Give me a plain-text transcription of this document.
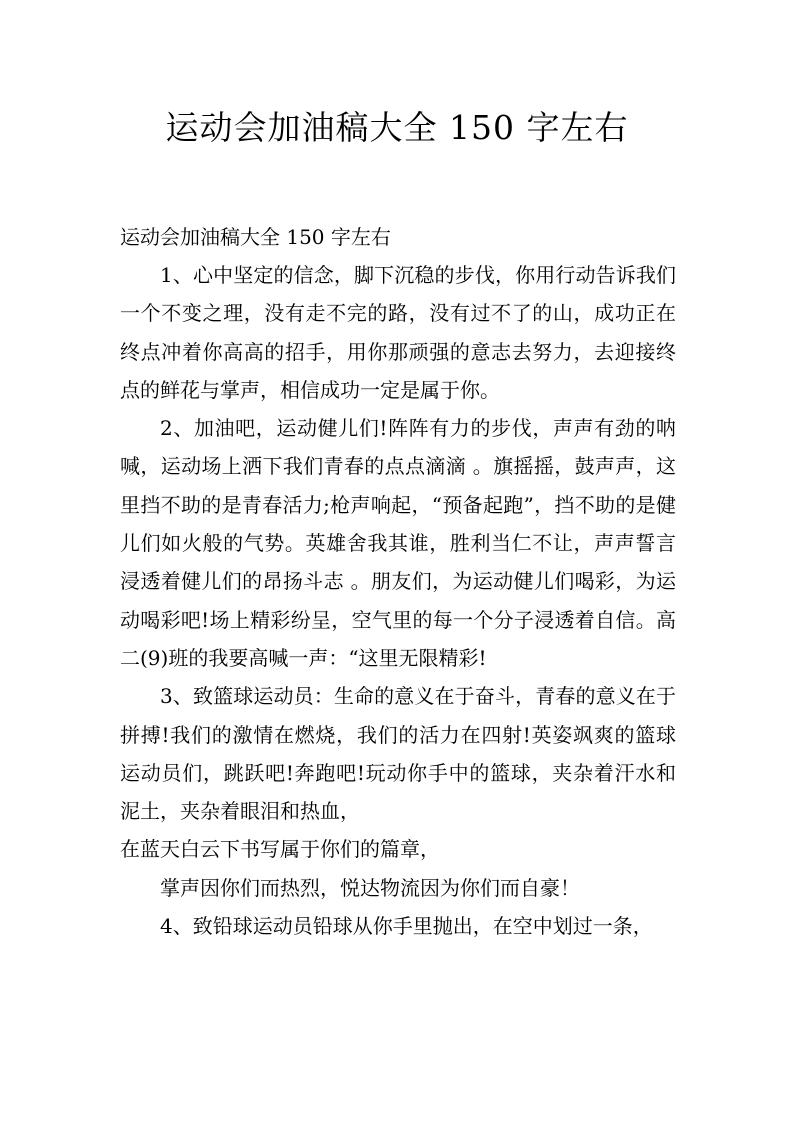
运动会加油稿大全 150 字左右
运动会加油稿大全 150 字左右

1、心中坚定的信念，脚下沉稳的步伐，你用行动告诉我们一个不变之理，没有走不完的路，没有过不了的山，成功正在终点冲着你高高的招手，用你那顽强的意志去努力，去迎接终点的鲜花与掌声，相信成功一定是属于你。

2、加油吧，运动健儿们!阵阵有力的步伐，声声有劲的呐喊，运动场上洒下我们青春的点点滴滴 。旗摇摇，鼓声声，这里挡不助的是青春活力;枪声响起，“预备起跑”，挡不助的是健儿们如火般的气势。英雄舍我其谁，胜利当仁不让，声声誓言浸透着健儿们的昂扬斗志 。朋友们，为运动健儿们喝彩，为运动喝彩吧!场上精彩纷呈，空气里的每一个分子浸透着自信。高二(9)班的我要高喊一声：“这里无限精彩!

3、致篮球运动员：生命的意义在于奋斗，青春的意义在于拼搏!我们的激情在燃烧，我们的活力在四射!英姿飒爽的篮球运动员们，跳跃吧!奔跑吧!玩动你手中的篮球，夹杂着汗水和泥土，夹杂着眼泪和热血，

在蓝天白云下书写属于你们的篇章，

掌声因你们而热烈，悦达物流因为你们而自豪！

4、致铅球运动员铅球从你手里抛出，在空中划过一条，
